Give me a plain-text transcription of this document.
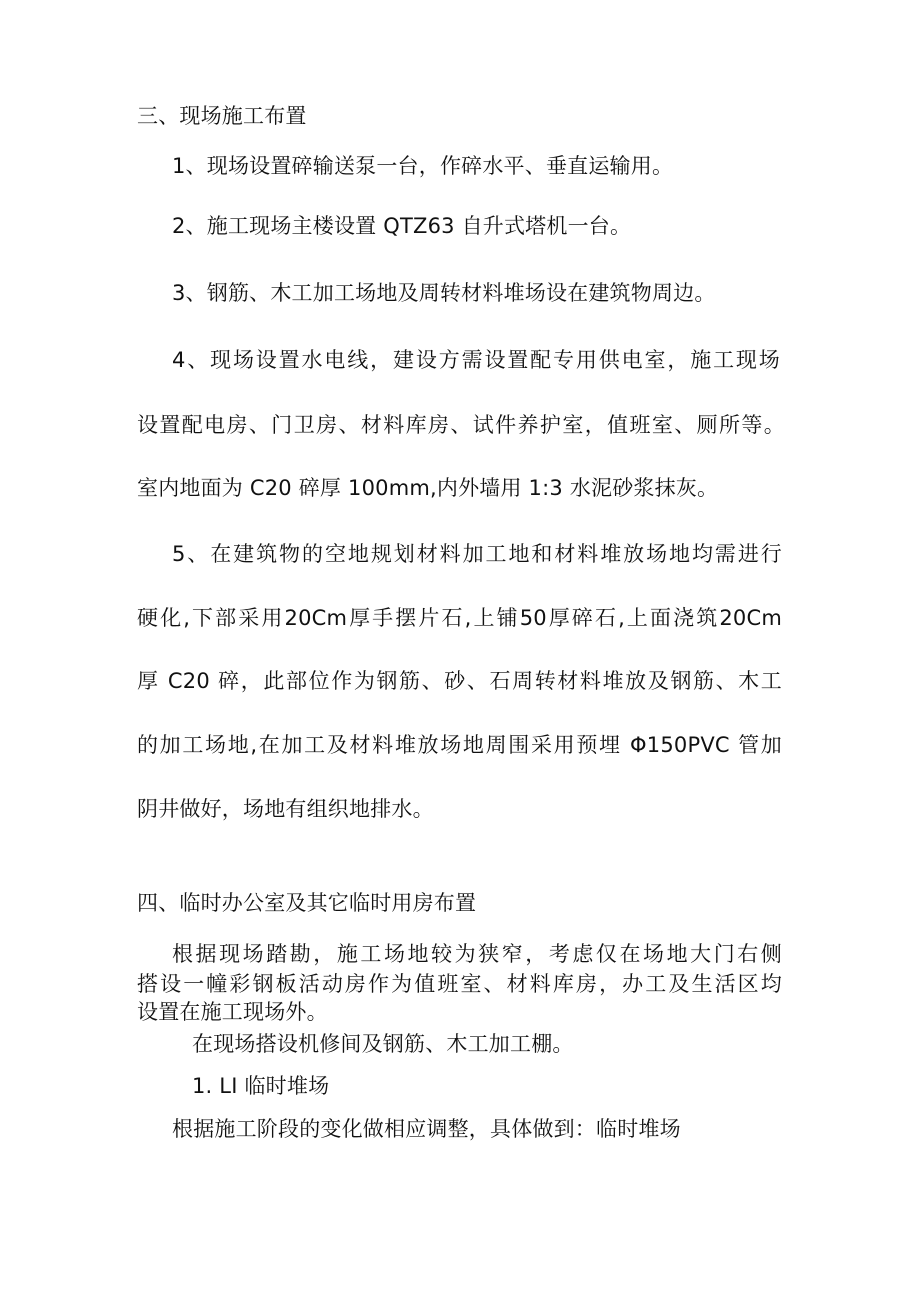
三、现场施工布置
1、现场设置碎输送泵一台，作碎水平、垂直运输用。
2、施工现场主楼设置 QTZ63 自升式塔机一台。
3、钢筋、木工加工场地及周转材料堆场设在建筑物周边。
4、现场设置水电线，建设方需设置配专用供电室，施工现场
设置配电房、门卫房、材料库房、试件养护室，值班室、厕所等。
室内地面为 C20 碎厚 100mm,内外墙用 1:3 水泥砂浆抹灰。
5、在建筑物的空地规划材料加工地和材料堆放场地均需进行
硬化,下部采用20Cm厚手摆片石,上铺50厚碎石,上面浇筑20Cm
厚 C20 碎，此部位作为钢筋、砂、石周转材料堆放及钢筋、木工
的加工场地,在加工及材料堆放场地周围采用预埋 Φ150PVC 管加
阴井做好，场地有组织地排水。
四、临时办公室及其它临时用房布置
根据现场踏勘，施工场地较为狭窄，考虑仅在场地大门右侧
搭设一幢彩钢板活动房作为值班室、材料库房，办工及生活区均
设置在施工现场外。
在现场搭设机修间及钢筋、木工加工棚。
1. LI 临时堆场
根据施工阶段的变化做相应调整，具体做到：临时堆场
